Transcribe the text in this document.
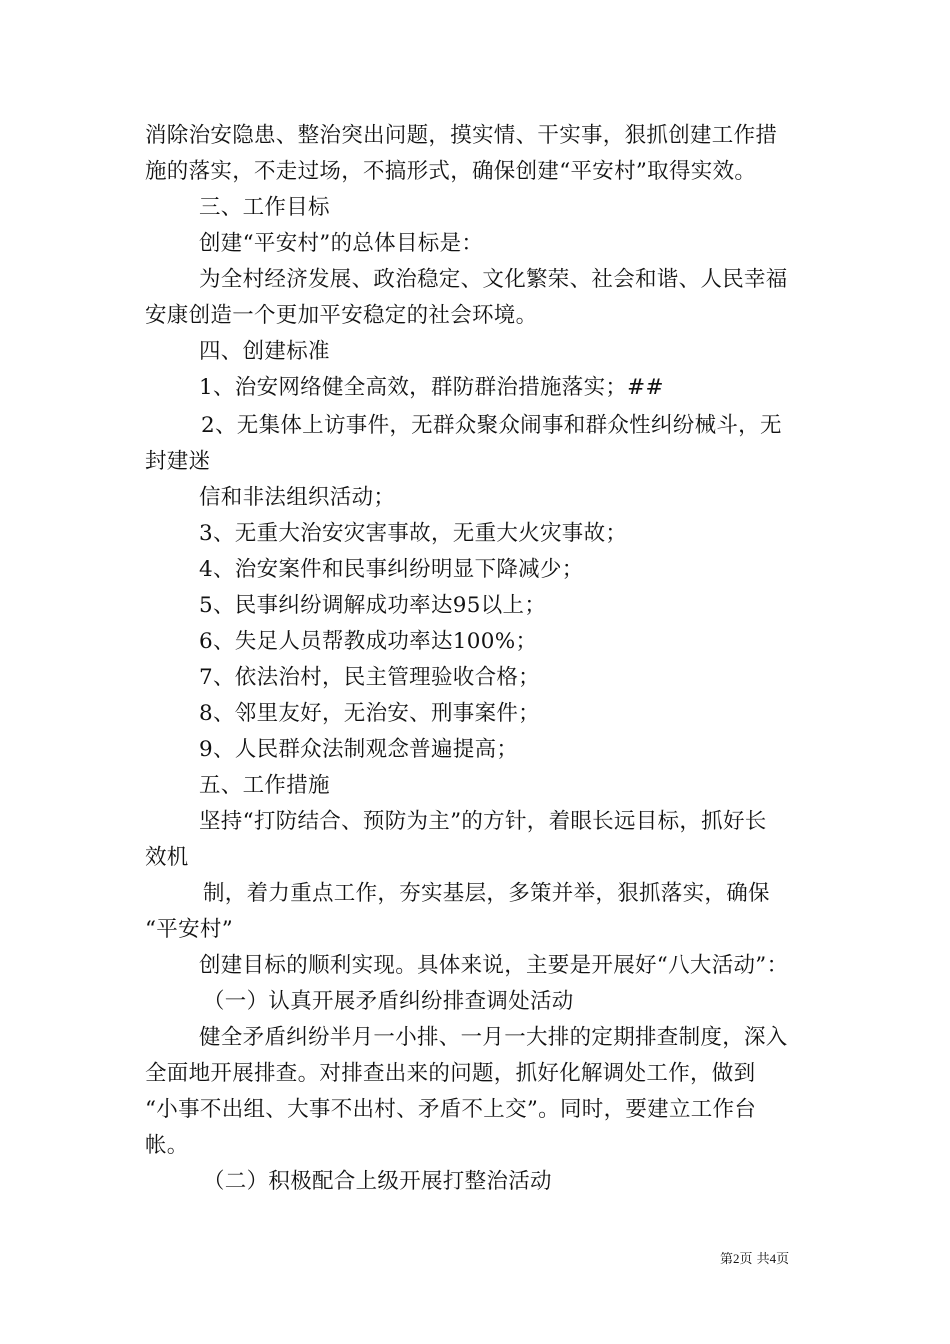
消除治安隐患、整治突出问题，摸实情、干实事，狠抓创建工作措
施的落实，不走过场，不搞形式，确保创建“平安村”取得实效。
三、工作目标
创建“平安村”的总体目标是：
为全村经济发展、政治稳定、文化繁荣、社会和谐、人民幸福
安康创造一个更加平安稳定的社会环境。
四、创建标准
1、治安网络健全高效，群防群治措施落实；##
2、无集体上访事件，无群众聚众闹事和群众性纠纷械斗，无
封建迷
信和非法组织活动；
3、无重大治安灾害事故，无重大火灾事故；
4、治安案件和民事纠纷明显下降减少；
5、民事纠纷调解成功率达95以上；
6、失足人员帮教成功率达100%；
7、依法治村，民主管理验收合格；
8、邻里友好，无治安、刑事案件；
9、人民群众法制观念普遍提高；
五、工作措施
坚持“打防结合、预防为主”的方针，着眼长远目标，抓好长
效机
制，着力重点工作，夯实基层，多策并举，狠抓落实，确保
“平安村”
创建目标的顺利实现。具体来说，主要是开展好“八大活动”：
（一）认真开展矛盾纠纷排查调处活动
健全矛盾纠纷半月一小排、一月一大排的定期排查制度，深入
全面地开展排查。对排查出来的问题，抓好化解调处工作，做到
“小事不出组、大事不出村、矛盾不上交”。同时，要建立工作台
帐。
（二）积极配合上级开展打整治活动
第2页 共4页
